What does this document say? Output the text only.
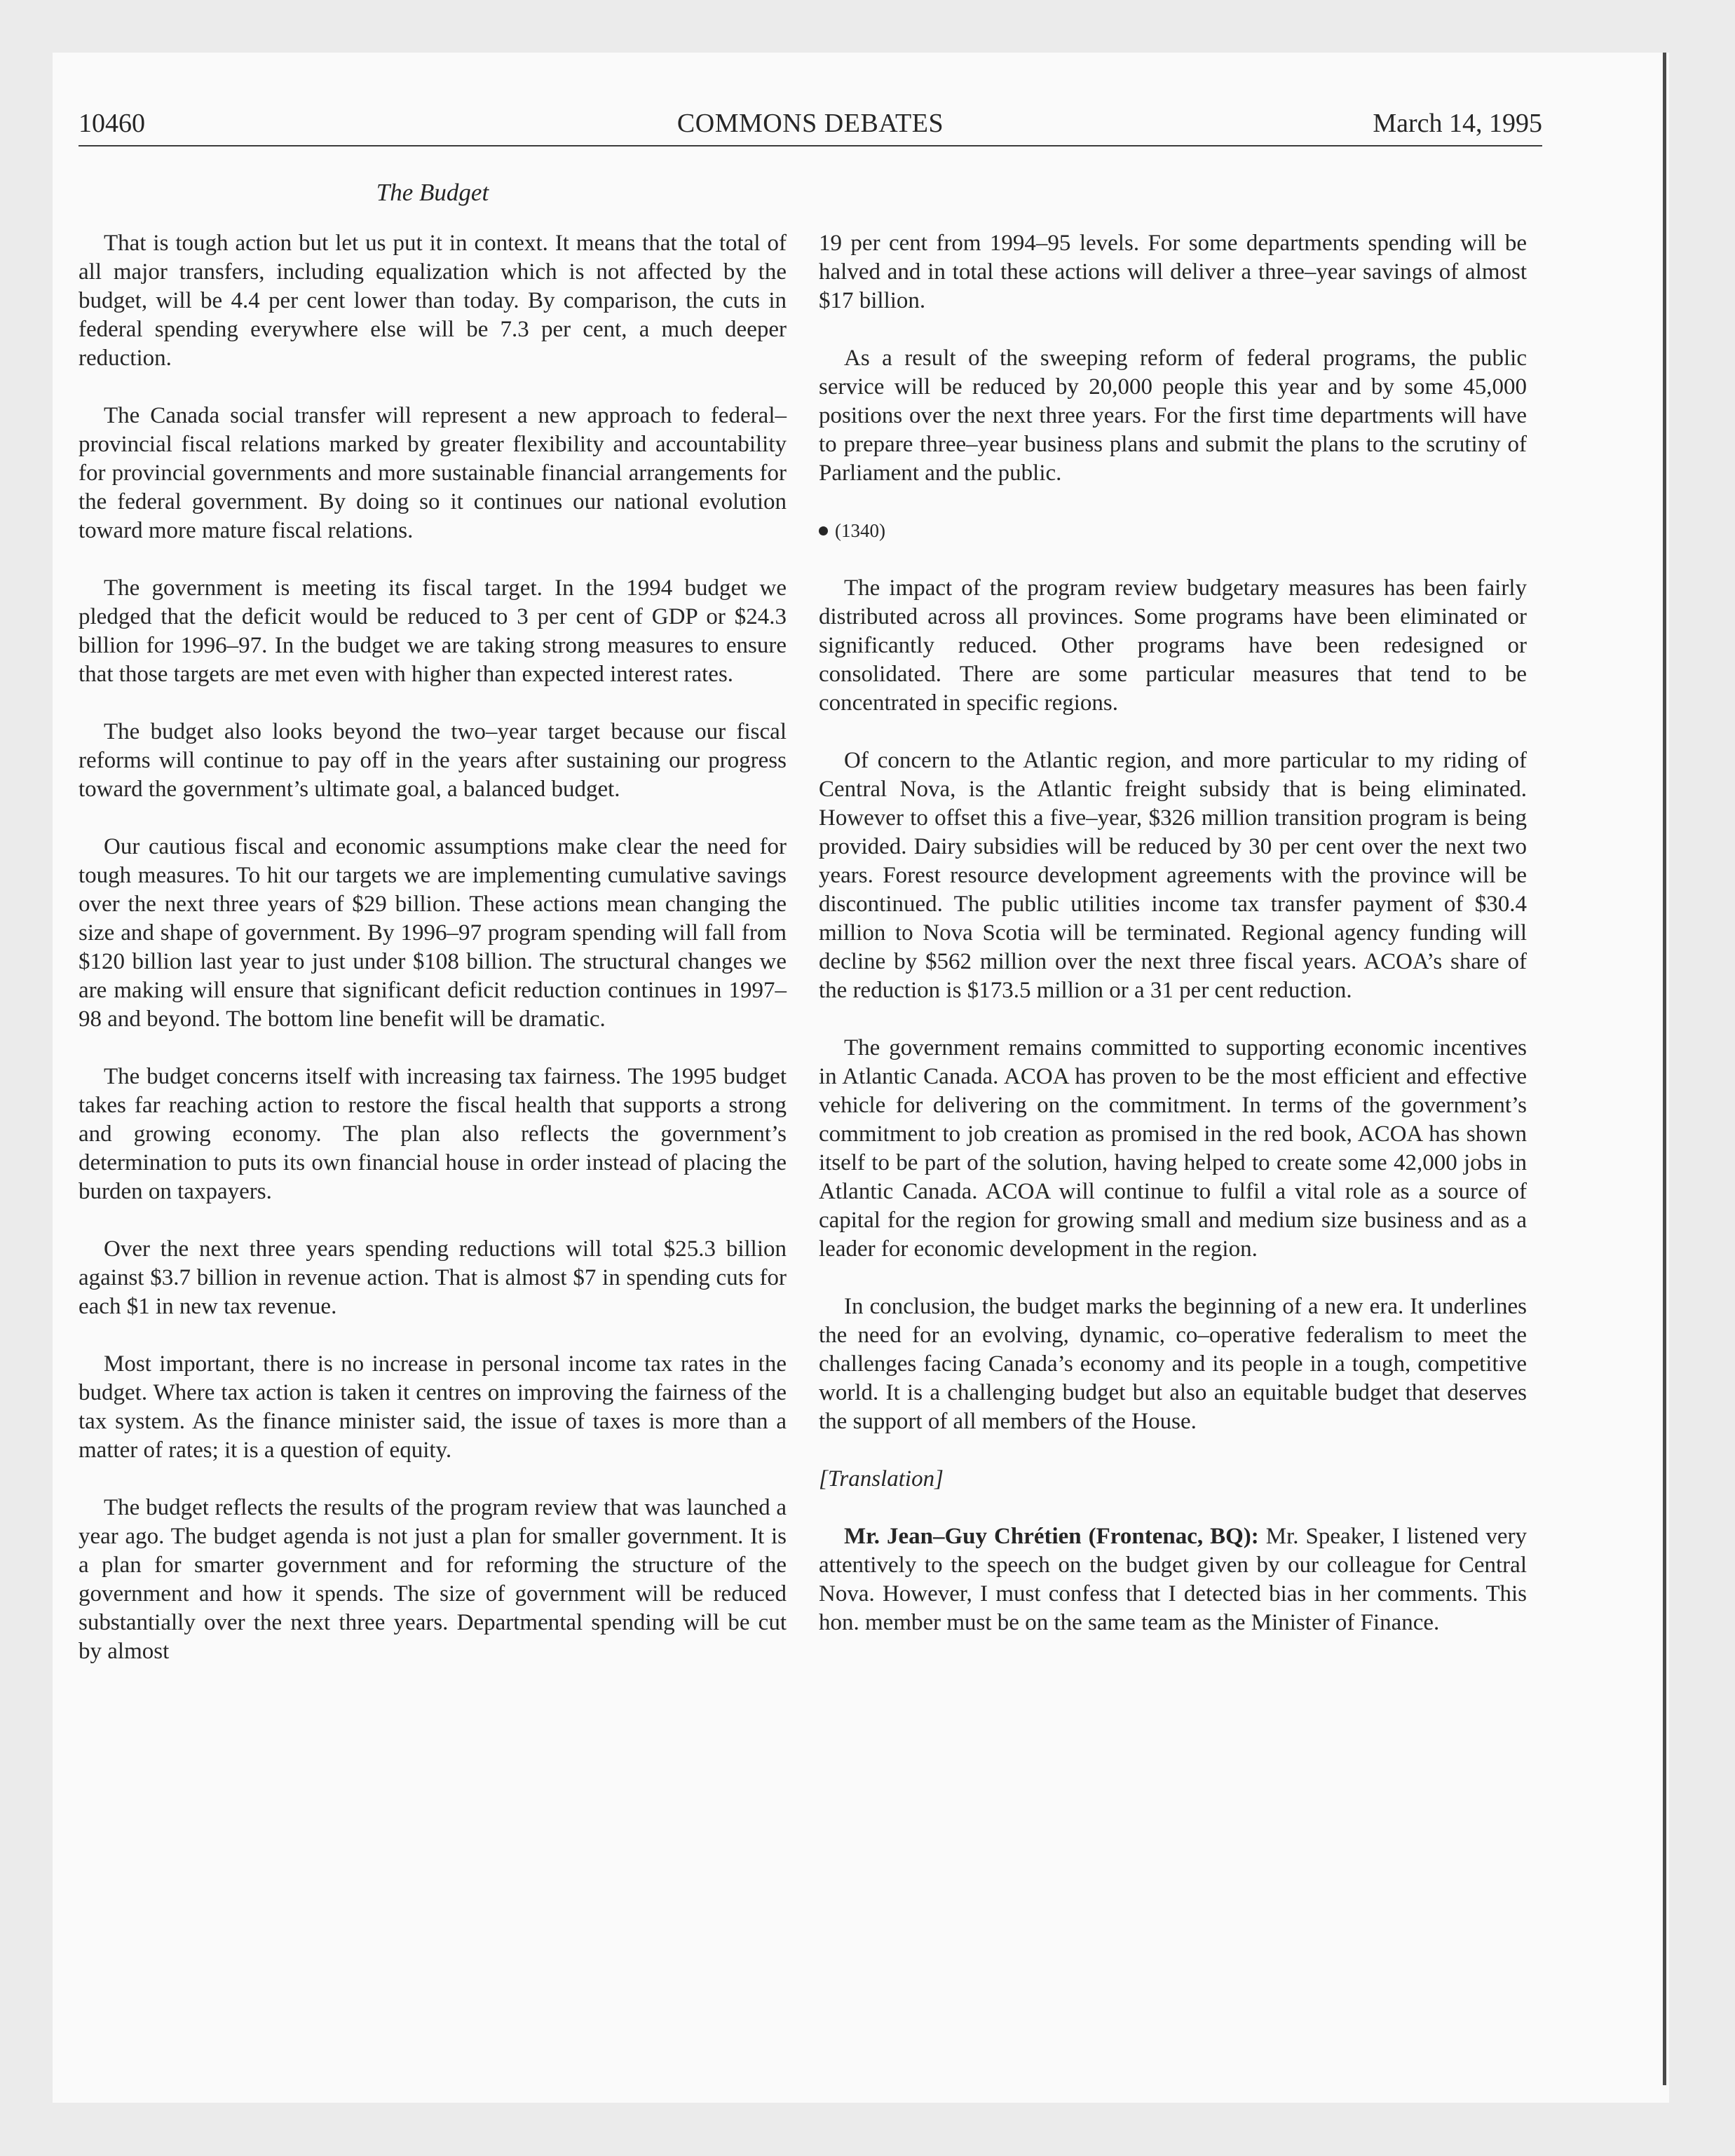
10460	COMMONS DEBATES	March 14, 1995
The Budget

That is tough action but let us put it in context. It means that the total of all major transfers, including equalization which is not affected by the budget, will be 4.4 per cent lower than today. By comparison, the cuts in federal spending everywhere else will be 7.3 per cent, a much deeper reduction.

The Canada social transfer will represent a new approach to federal–provincial fiscal relations marked by greater flexibility and accountability for provincial governments and more sustainable financial arrangements for the federal government. By doing so it continues our national evolution toward more mature fiscal relations.

The government is meeting its fiscal target. In the 1994 budget we pledged that the deficit would be reduced to 3 per cent of GDP or $24.3 billion for 1996–97. In the budget we are taking strong measures to ensure that those targets are met even with higher than expected interest rates.

The budget also looks beyond the two–year target because our fiscal reforms will continue to pay off in the years after sustaining our progress toward the government’s ultimate goal, a balanced budget.

Our cautious fiscal and economic assumptions make clear the need for tough measures. To hit our targets we are implementing cumulative savings over the next three years of $29 billion. These actions mean changing the size and shape of government. By 1996–97 program spending will fall from $120 billion last year to just under $108 billion. The structural changes we are making will ensure that significant deficit reduction continues in 1997–98 and beyond. The bottom line benefit will be dramatic.

The budget concerns itself with increasing tax fairness. The 1995 budget takes far reaching action to restore the fiscal health that supports a strong and growing economy. The plan also reflects the government’s determination to puts its own financial house in order instead of placing the burden on taxpayers.

Over the next three years spending reductions will total $25.3 billion against $3.7 billion in revenue action. That is almost $7 in spending cuts for each $1 in new tax revenue.

Most important, there is no increase in personal income tax rates in the budget. Where tax action is taken it centres on improving the fairness of the tax system. As the finance minister said, the issue of taxes is more than a matter of rates; it is a question of equity.

The budget reflects the results of the program review that was launched a year ago. The budget agenda is not just a plan for smaller government. It is a plan for smarter government and for reforming the structure of the government and how it spends. The size of government will be reduced substantially over the next three years. Departmental spending will be cut by almost

19 per cent from 1994–95 levels. For some departments spending will be halved and in total these actions will deliver a three–year savings of almost $17 billion.

As a result of the sweeping reform of federal programs, the public service will be reduced by 20,000 people this year and by some 45,000 positions over the next three years. For the first time departments will have to prepare three–year business plans and submit the plans to the scrutiny of Parliament and the public.

(1340)

The impact of the program review budgetary measures has been fairly distributed across all provinces. Some programs have been eliminated or significantly reduced. Other programs have been redesigned or consolidated. There are some particular measures that tend to be concentrated in specific regions.

Of concern to the Atlantic region, and more particular to my riding of Central Nova, is the Atlantic freight subsidy that is being eliminated. However to offset this a five–year, $326 million transition program is being provided. Dairy subsidies will be reduced by 30 per cent over the next two years. Forest resource development agreements with the province will be discontinued. The public utilities income tax transfer payment of $30.4 million to Nova Scotia will be terminated. Regional agency funding will decline by $562 million over the next three fiscal years. ACOA’s share of the reduction is $173.5 million or a 31 per cent reduction.

The government remains committed to supporting economic incentives in Atlantic Canada. ACOA has proven to be the most efficient and effective vehicle for delivering on the commitment. In terms of the government’s commitment to job creation as promised in the red book, ACOA has shown itself to be part of the solution, having helped to create some 42,000 jobs in Atlantic Canada. ACOA will continue to fulfil a vital role as a source of capital for the region for growing small and medium size business and as a leader for economic development in the region.

In conclusion, the budget marks the beginning of a new era. It underlines the need for an evolving, dynamic, co–operative federalism to meet the challenges facing Canada’s economy and its people in a tough, competitive world. It is a challenging budget but also an equitable budget that deserves the support of all members of the House.

[Translation]

Mr. Jean–Guy Chrétien (Frontenac, BQ): Mr. Speaker, I listened very attentively to the speech on the budget given by our colleague for Central Nova. However, I must confess that I detected bias in her comments. This hon. member must be on the same team as the Minister of Finance.
